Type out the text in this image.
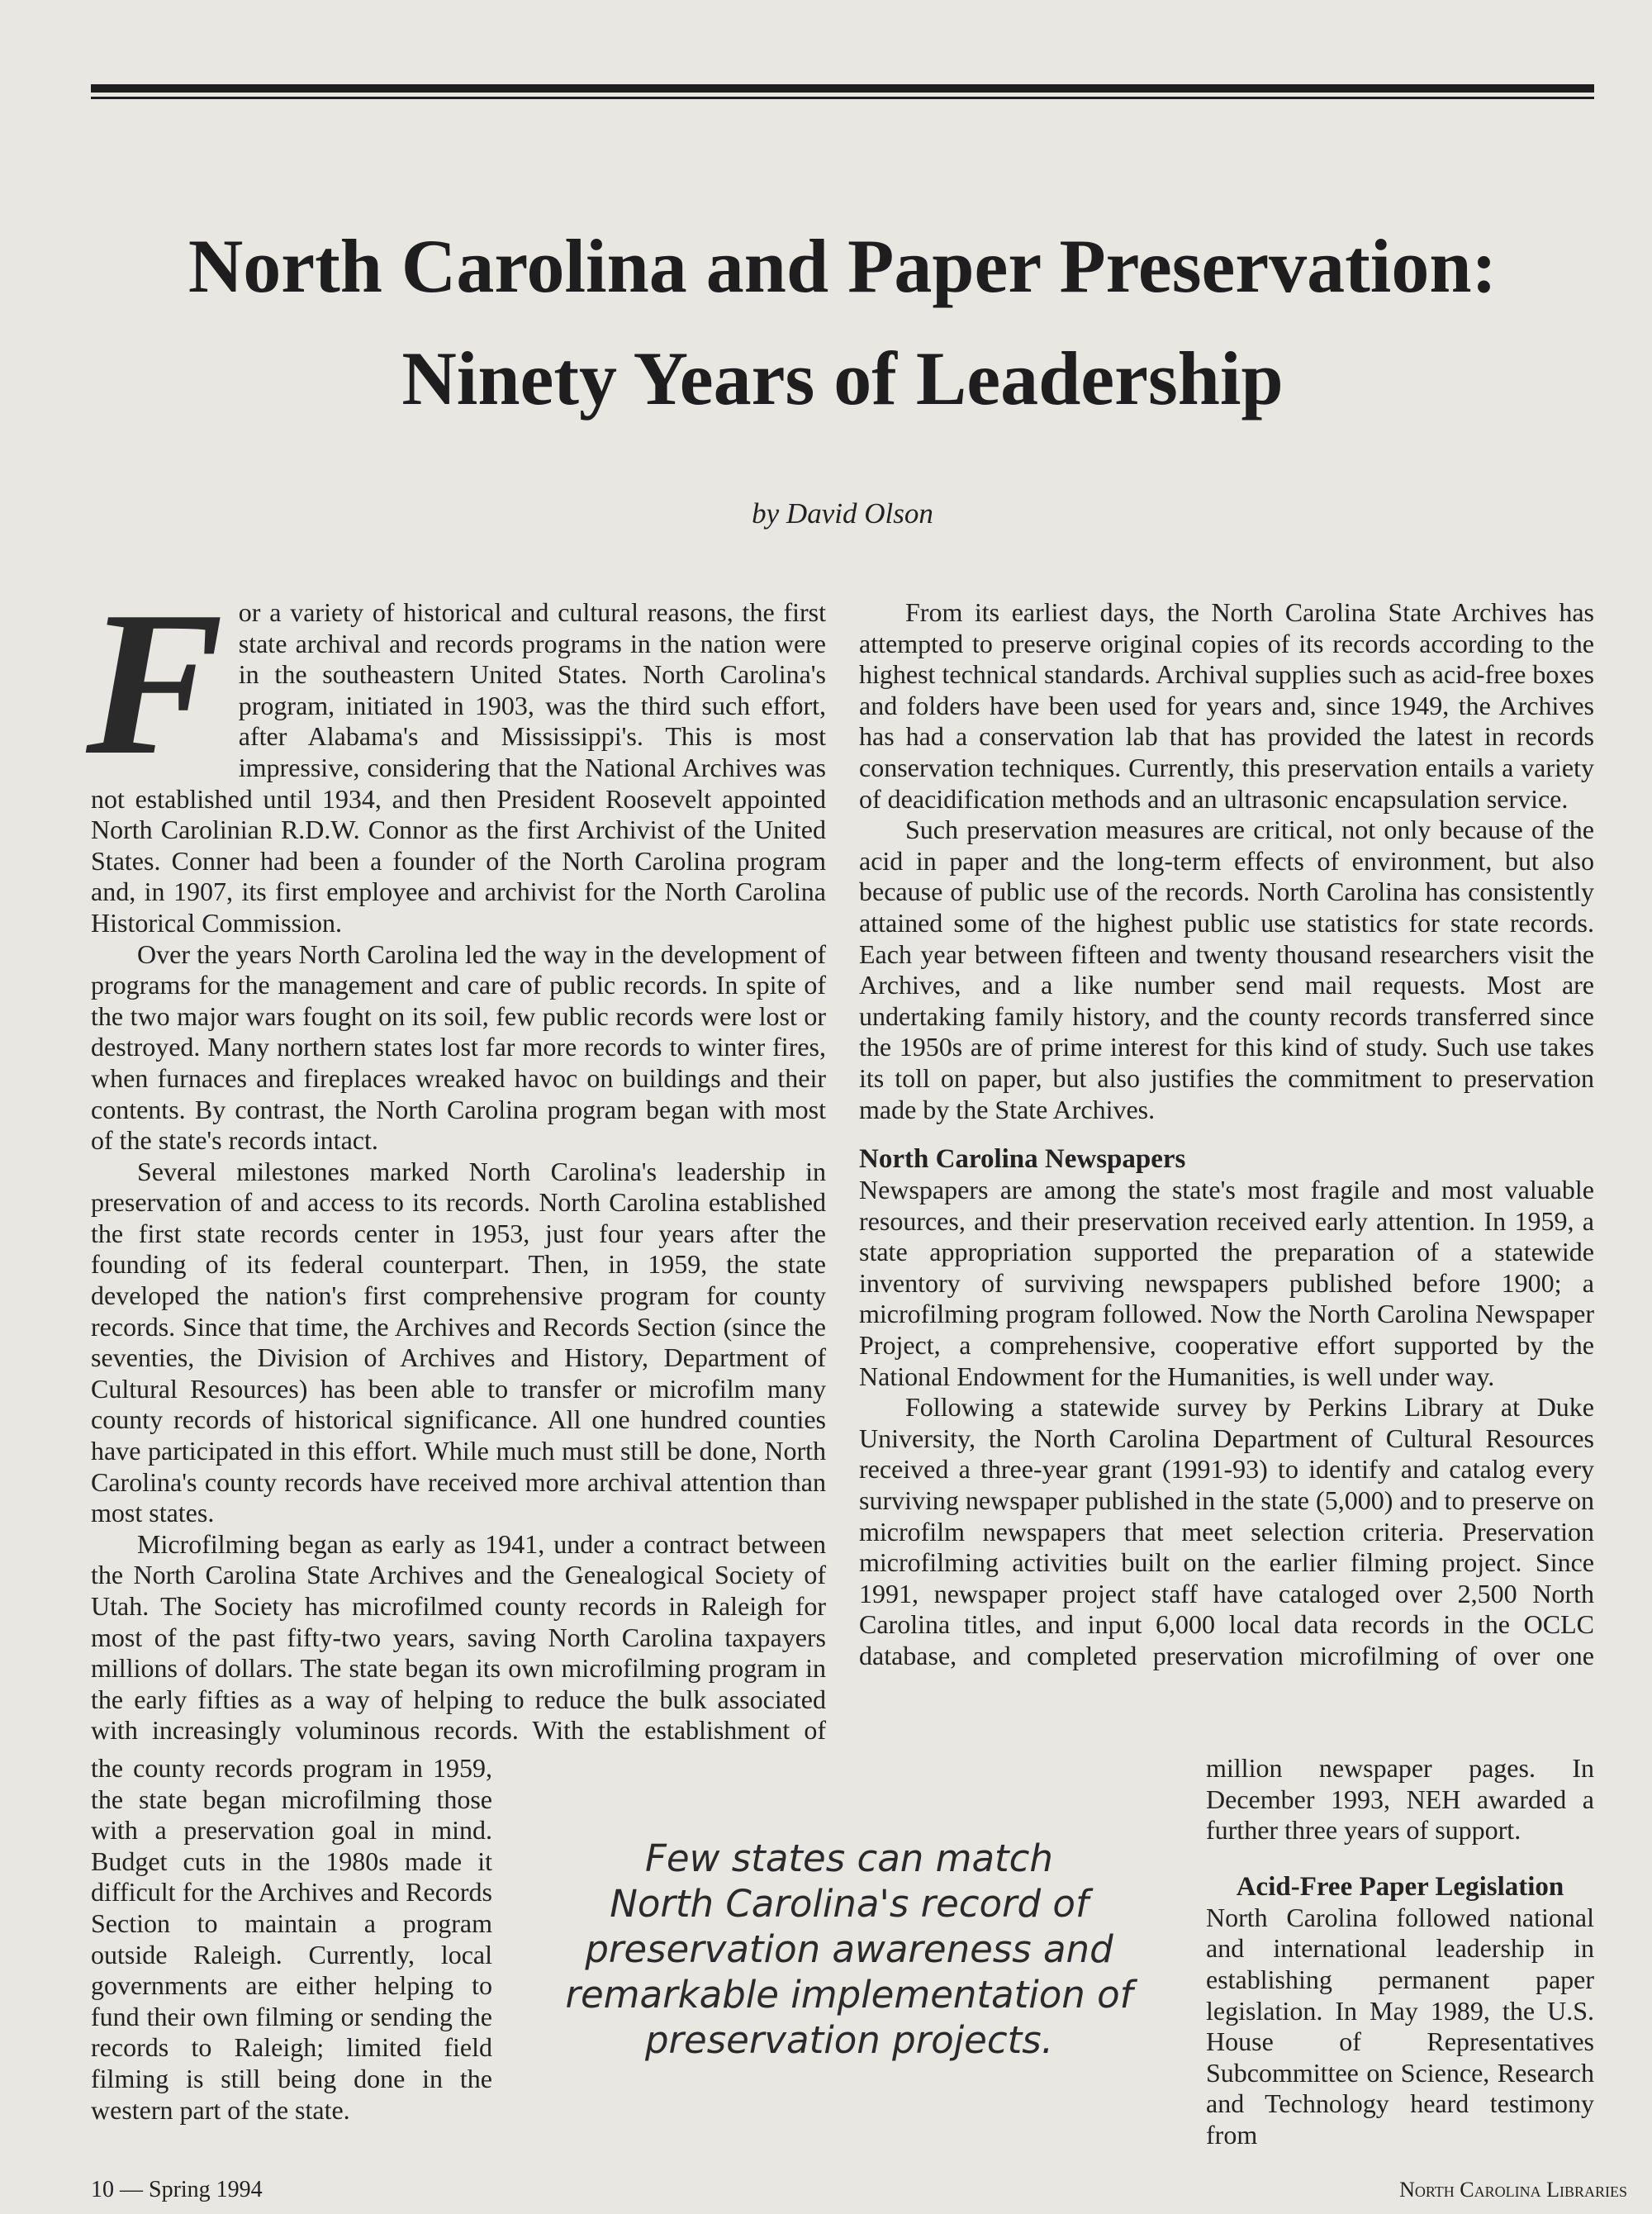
North Carolina and Paper Preservation:
Ninety Years of Leadership
by David Olson

For a variety of historical and cultural reasons, the first state archival and records programs in the nation were in the southeastern United States. North Carolina's program, initiated in 1903, was the third such effort, after Alabama's and Mississippi's. This is most impressive, considering that the National Archives was not established until 1934, and then President Roosevelt appointed North Carolinian R.D.W. Connor as the first Archivist of the United States. Conner had been a founder of the North Carolina program and, in 1907, its first employee and archivist for the North Carolina Historical Commission.

Over the years North Carolina led the way in the development of programs for the management and care of public records. In spite of the two major wars fought on its soil, few public records were lost or destroyed. Many northern states lost far more records to winter fires, when furnaces and fireplaces wreaked havoc on buildings and their contents. By contrast, the North Carolina program began with most of the state's records intact.

Several milestones marked North Carolina's leadership in preservation of and access to its records. North Carolina established the first state records center in 1953, just four years after the founding of its federal counterpart. Then, in 1959, the state developed the nation's first comprehensive program for county records. Since that time, the Archives and Records Section (since the seventies, the Division of Archives and History, Department of Cultural Resources) has been able to transfer or microfilm many county records of historical significance. All one hundred counties have participated in this effort. While much must still be done, North Carolina's county records have received more archival attention than most states.

Microfilming began as early as 1941, under a contract between the North Carolina State Archives and the Genealogical Society of Utah. The Society has microfilmed county records in Raleigh for most of the past fifty-two years, saving North Carolina taxpayers millions of dollars. The state began its own microfilming program in the early fifties as a way of helping to reduce the bulk associated with increasingly voluminous records. With the establishment of

From its earliest days, the North Carolina State Archives has attempted to preserve original copies of its records according to the highest technical standards. Archival supplies such as acid-free boxes and folders have been used for years and, since 1949, the Archives has had a conservation lab that has provided the latest in records conservation techniques. Currently, this preservation entails a variety of deacidification methods and an ultrasonic encapsulation service.

Such preservation measures are critical, not only because of the acid in paper and the long-term effects of environment, but also because of public use of the records. North Carolina has consistently attained some of the highest public use statistics for state records. Each year between fifteen and twenty thousand researchers visit the Archives, and a like number send mail requests. Most are undertaking family history, and the county records transferred since the 1950s are of prime interest for this kind of study. Such use takes its toll on paper, but also justifies the commitment to preservation made by the State Archives.

North Carolina Newspapers

Newspapers are among the state's most fragile and most valuable resources, and their preservation received early attention. In 1959, a state appropriation supported the preparation of a statewide inventory of surviving newspapers published before 1900; a microfilming program followed. Now the North Carolina Newspaper Project, a comprehensive, cooperative effort supported by the National Endowment for the Humanities, is well under way.

Following a statewide survey by Perkins Library at Duke University, the North Carolina Department of Cultural Resources received a three-year grant (1991-93) to identify and catalog every surviving newspaper published in the state (5,000) and to preserve on microfilm newspapers that meet selection criteria. Preservation microfilming activities built on the earlier filming project. Since 1991, newspaper project staff have cataloged over 2,500 North Carolina titles, and input 6,000 local data records in the OCLC database, and completed preservation microfilming of over one

the county records program in 1959, the state began microfilming those with a preservation goal in mind. Budget cuts in the 1980s made it difficult for the Archives and Records Section to maintain a program outside Raleigh. Currently, local governments are either helping to fund their own filming or sending the records to Raleigh; limited field filming is still being done in the western part of the state.

Few states can match
North Carolina's record of
preservation awareness and
remarkable implementation of
preservation projects.

million newspaper pages. In December 1993, NEH awarded a further three years of support.

Acid-Free Paper Legislation

North Carolina followed national and international leadership in establishing permanent paper legislation. In May 1989, the U.S. House of Representatives Subcommittee on Science, Research and Technology heard testimony from

10 — Spring 1994	North Carolina Libraries
